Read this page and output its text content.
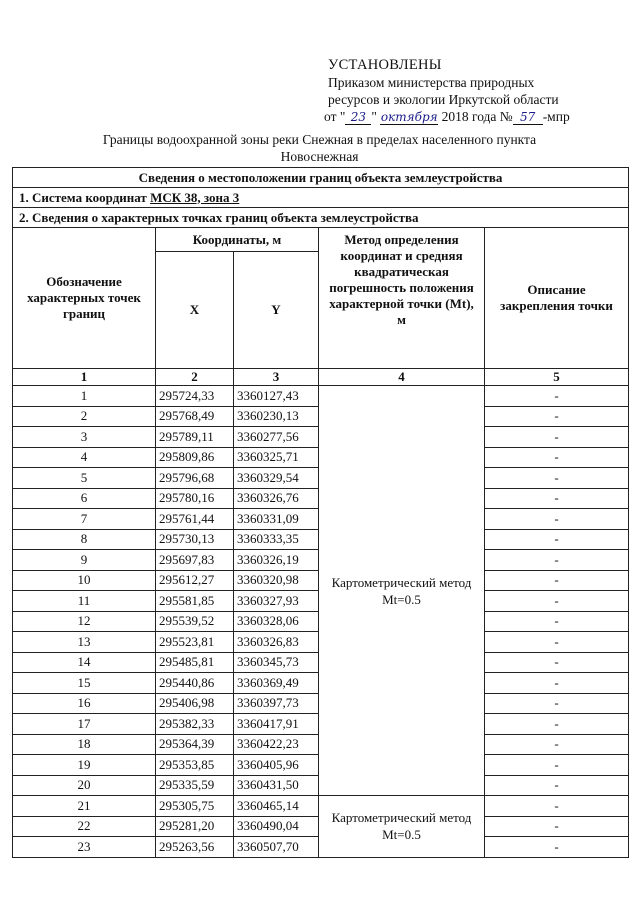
УСТАНОВЛЕНЫ
Приказом министерства природных
ресурсов и экологии Иркутской области
от " 23 " октября 2018 года № 57 -мпр
Границы водоохранной зоны реки Снежная в пределах населенного пункта
Новоснежная
Сведения о местоположении границ объекта землеустройства				
1. Система координат МСК 38, зона 3				
2. Сведения о характерных точках границ объекта землеустройства				
Обозначение характерных точек границ	Координаты, м		Метод определения координат и средняя квадратическая погрешность положения характерной точки (Mt), м	Описание закрепления точки
	X	Y		
1	2	3	4	5
1	295724,33	3360127,43	Картометрический метод Mt=0.5	-
2	295768,49	3360230,13		-
3	295789,11	3360277,56		-
4	295809,86	3360325,71		-
5	295796,68	3360329,54		-
6	295780,16	3360326,76		-
7	295761,44	3360331,09		-
8	295730,13	3360333,35		-
9	295697,83	3360326,19		-
10	295612,27	3360320,98		-
11	295581,85	3360327,93		-
12	295539,52	3360328,06		-
13	295523,81	3360326,83		-
14	295485,81	3360345,73		-
15	295440,86	3360369,49		-
16	295406,98	3360397,73		-
17	295382,33	3360417,91		-
18	295364,39	3360422,23		-
19	295353,85	3360405,96		-
20	295335,59	3360431,50		-
21	295305,75	3360465,14	Картометрический метод Mt=0.5	-
22	295281,20	3360490,04		-
23	295263,56	3360507,70		-
